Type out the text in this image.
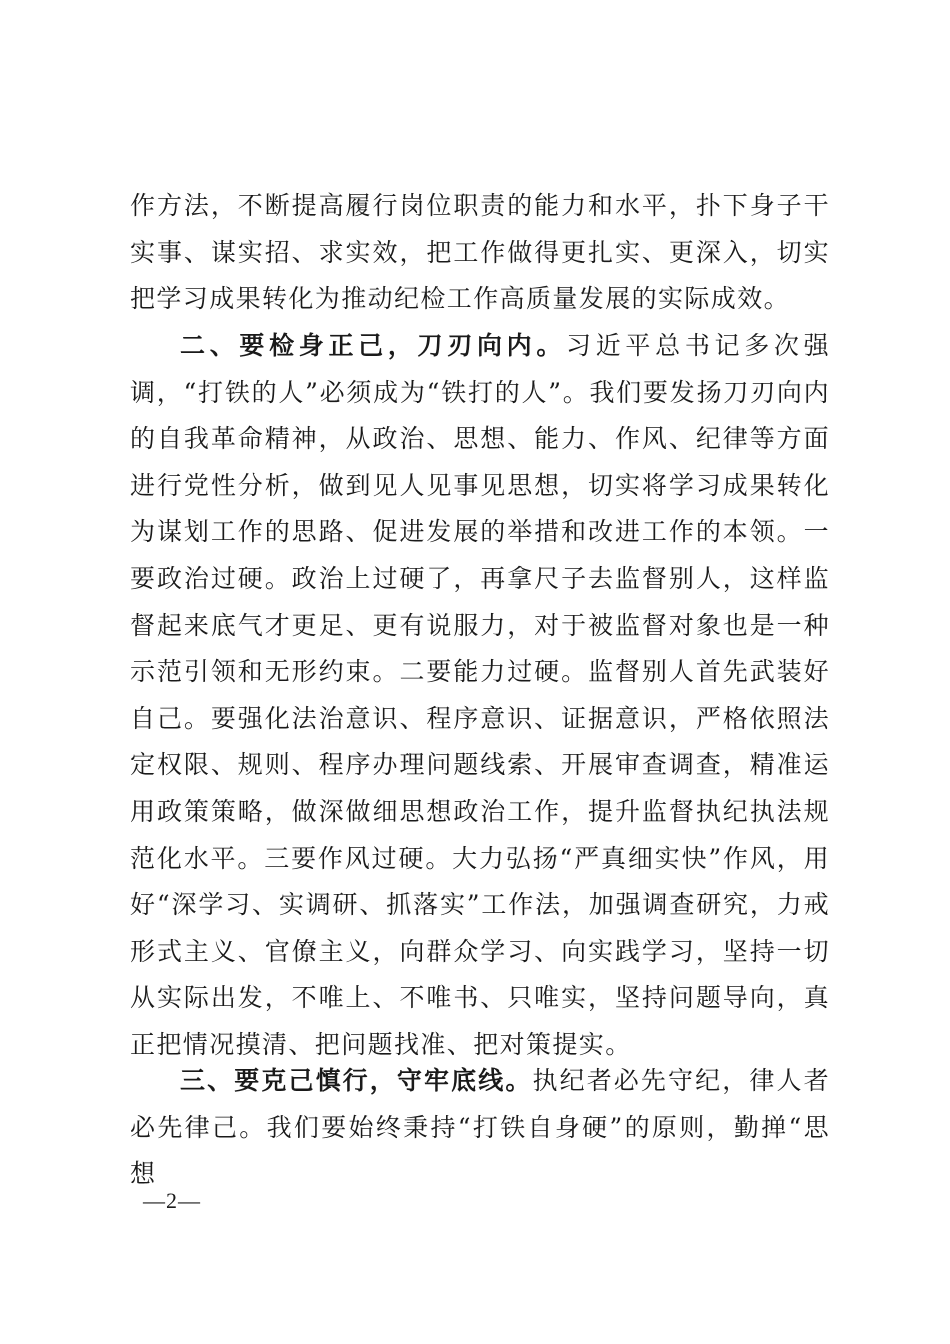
作方法，不断提高履行岗位职责的能力和水平，扑下身子干实事、谋实招、求实效，把工作做得更扎实、更深入，切实把学习成果转化为推动纪检工作高质量发展的实际成效。

二、要检身正己，刀刃向内。习近平总书记多次强调，“打铁的人”必须成为“铁打的人”。我们要发扬刀刃向内的自我革命精神，从政治、思想、能力、作风、纪律等方面进行党性分析，做到见人见事见思想，切实将学习成果转化为谋划工作的思路、促进发展的举措和改进工作的本领。一要政治过硬。政治上过硬了，再拿尺子去监督别人，这样监督起来底气才更足、更有说服力，对于被监督对象也是一种示范引领和无形约束。二要能力过硬。监督别人首先武装好自己。要强化法治意识、程序意识、证据意识，严格依照法定权限、规则、程序办理问题线索、开展审查调查，精准运用政策策略，做深做细思想政治工作，提升监督执纪执法规范化水平。三要作风过硬。大力弘扬“严真细实快”作风，用好“深学习、实调研、抓落实”工作法，加强调查研究，力戒形式主义、官僚主义，向群众学习、向实践学习，坚持一切从实际出发，不唯上、不唯书、只唯实，坚持问题导向，真正把情况摸清、把问题找准、把对策提实。

三、要克己慎行，守牢底线。执纪者必先守纪，律人者必先律己。我们要始终秉持“打铁自身硬”的原则，勤掸“思想

—2—
